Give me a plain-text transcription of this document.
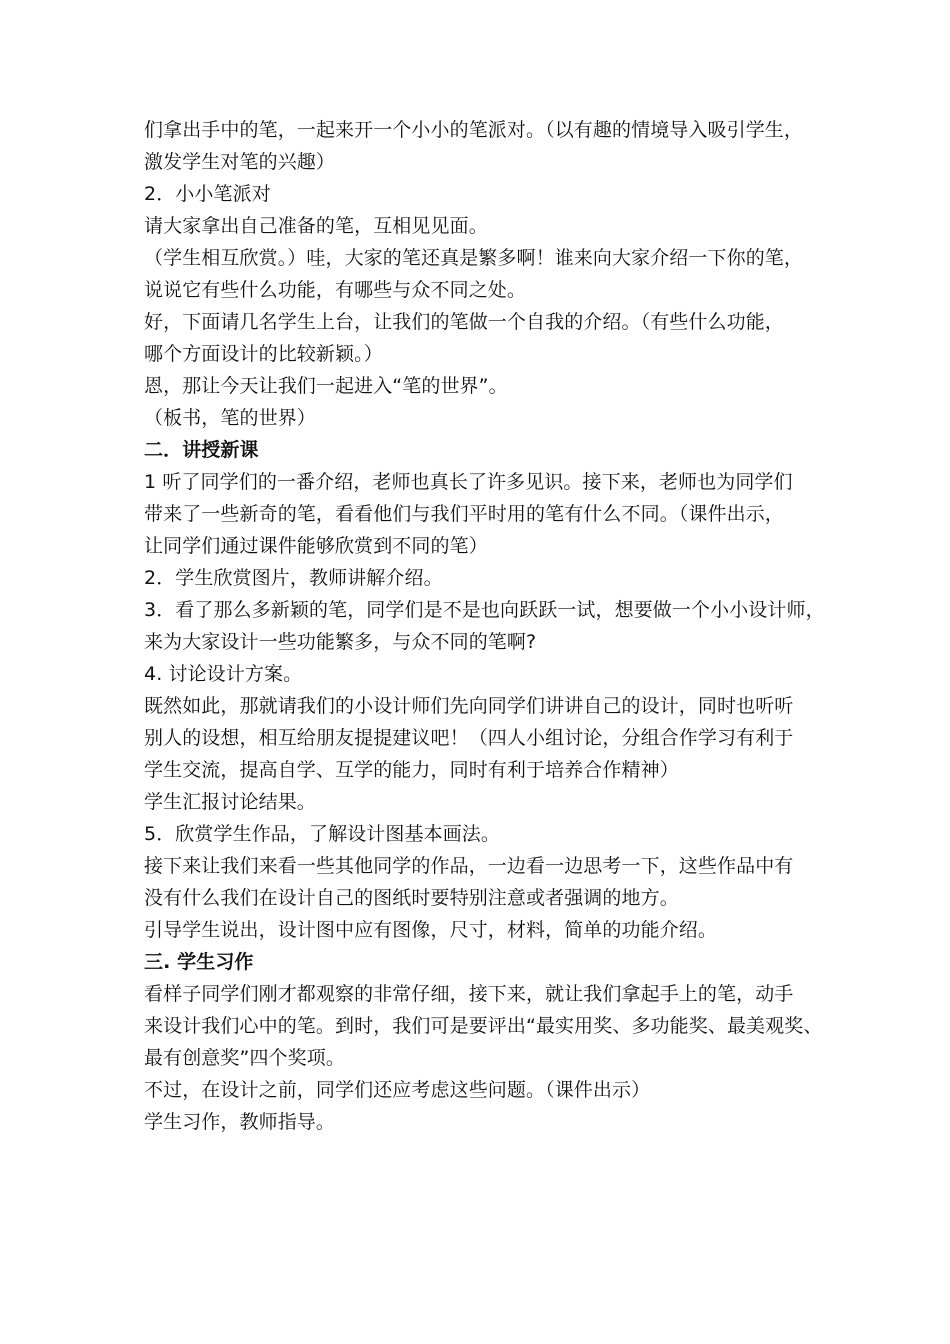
们拿出手中的笔，一起来开一个小小的笔派对。（以有趣的情境导入吸引学生，
激发学生对笔的兴趣）
2．小小笔派对
请大家拿出自己准备的笔，互相见见面。
（学生相互欣赏。）哇，大家的笔还真是繁多啊！谁来向大家介绍一下你的笔，
说说它有些什么功能，有哪些与众不同之处。
好，下面请几名学生上台，让我们的笔做一个自我的介绍。（有些什么功能，
哪个方面设计的比较新颖。）
恩，那让今天让我们一起进入“笔的世界”。
（板书，笔的世界）
二．讲授新课
1 听了同学们的一番介绍，老师也真长了许多见识。接下来，老师也为同学们
带来了一些新奇的笔，看看他们与我们平时用的笔有什么不同。（课件出示，
让同学们通过课件能够欣赏到不同的笔）
2．学生欣赏图片，教师讲解介绍。
3．看了那么多新颖的笔，同学们是不是也向跃跃一试，想要做一个小小设计师，
来为大家设计一些功能繁多，与众不同的笔啊?
4. 讨论设计方案。
既然如此，那就请我们的小设计师们先向同学们讲讲自己的设计，同时也听听
别人的设想，相互给朋友提提建议吧！（四人小组讨论，分组合作学习有利于
学生交流，提高自学、互学的能力，同时有利于培养合作精神）
学生汇报讨论结果。
5．欣赏学生作品，了解设计图基本画法。
接下来让我们来看一些其他同学的作品，一边看一边思考一下，这些作品中有
没有什么我们在设计自己的图纸时要特别注意或者强调的地方。
引导学生说出，设计图中应有图像，尺寸，材料，简单的功能介绍。
三. 学生习作
看样子同学们刚才都观察的非常仔细，接下来，就让我们拿起手上的笔，动手
来设计我们心中的笔。到时，我们可是要评出“最实用奖、多功能奖、最美观奖、
最有创意奖”四个奖项。
不过，在设计之前，同学们还应考虑这些问题。（课件出示）
学生习作，教师指导。
